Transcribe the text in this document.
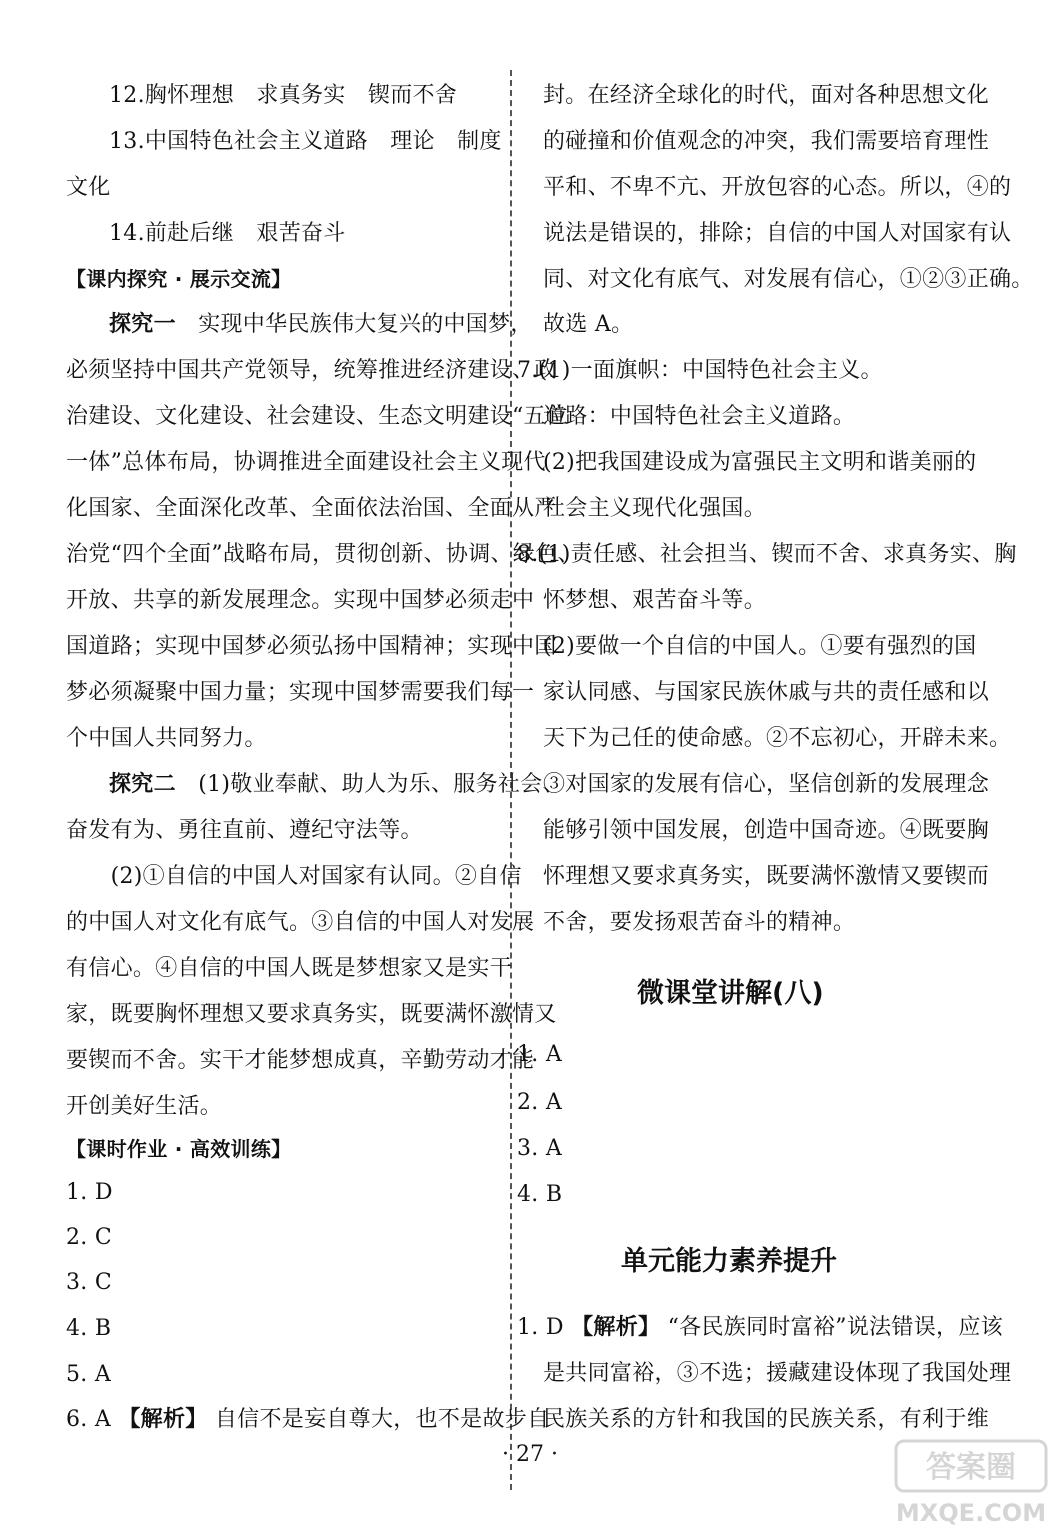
12.胸怀理想　求真务实　锲而不舍
13.中国特色社会主义道路　理论　制度
文化
14.前赴后继　艰苦奋斗
【课内探究 · 展示交流】
探究一　实现中华民族伟大复兴的中国梦，
必须坚持中国共产党领导，统筹推进经济建设、政
治建设、文化建设、社会建设、生态文明建设“五位
一体”总体布局，协调推进全面建设社会主义现代
化国家、全面深化改革、全面依法治国、全面从严
治党“四个全面”战略布局，贯彻创新、协调、绿色、
开放、共享的新发展理念。实现中国梦必须走中
国道路；实现中国梦必须弘扬中国精神；实现中国
梦必须凝聚中国力量；实现中国梦需要我们每一
个中国人共同努力。
探究二　(1)敬业奉献、助人为乐、服务社会、
奋发有为、勇往直前、遵纪守法等。
　　(2)①自信的中国人对国家有认同。②自信
的中国人对文化有底气。③自信的中国人对发展
有信心。④自信的中国人既是梦想家又是实干
家，既要胸怀理想又要求真务实，既要满怀激情又
要锲而不舍。实干才能梦想成真，辛勤劳动才能
开创美好生活。
【课时作业 · 高效训练】
1. D
2. C
3. C
4. B
5. A
6. A 【解析】 自信不是妄自尊大，也不是故步自
封。在经济全球化的时代，面对各种思想文化
的碰撞和价值观念的冲突，我们需要培育理性
平和、不卑不亢、开放包容的心态。所以，④的
说法是错误的，排除；自信的中国人对国家有认
同、对文化有底气、对发展有信心，①②③正确。
故选 A。
7.(1)一面旗帜：中国特色社会主义。
道路：中国特色社会主义道路。
(2)把我国建设成为富强民主文明和谐美丽的
社会主义现代化强国。
8.(1)责任感、社会担当、锲而不舍、求真务实、胸
怀梦想、艰苦奋斗等。
(2)要做一个自信的中国人。①要有强烈的国
家认同感、与国家民族休戚与共的责任感和以
天下为己任的使命感。②不忘初心，开辟未来。
③对国家的发展有信心，坚信创新的发展理念
能够引领中国发展，创造中国奇迹。④既要胸
怀理想又要求真务实，既要满怀激情又要锲而
不舍，要发扬艰苦奋斗的精神。
微课堂讲解(八)
1. A
2. A
3. A
4. B
单元能力素养提升
1. D 【解析】 “各民族同时富裕”说法错误，应该
是共同富裕，③不选；援藏建设体现了我国处理
民族关系的方针和我国的民族关系，有利于维
· 27 ·	答案圈
MXQE.COM
